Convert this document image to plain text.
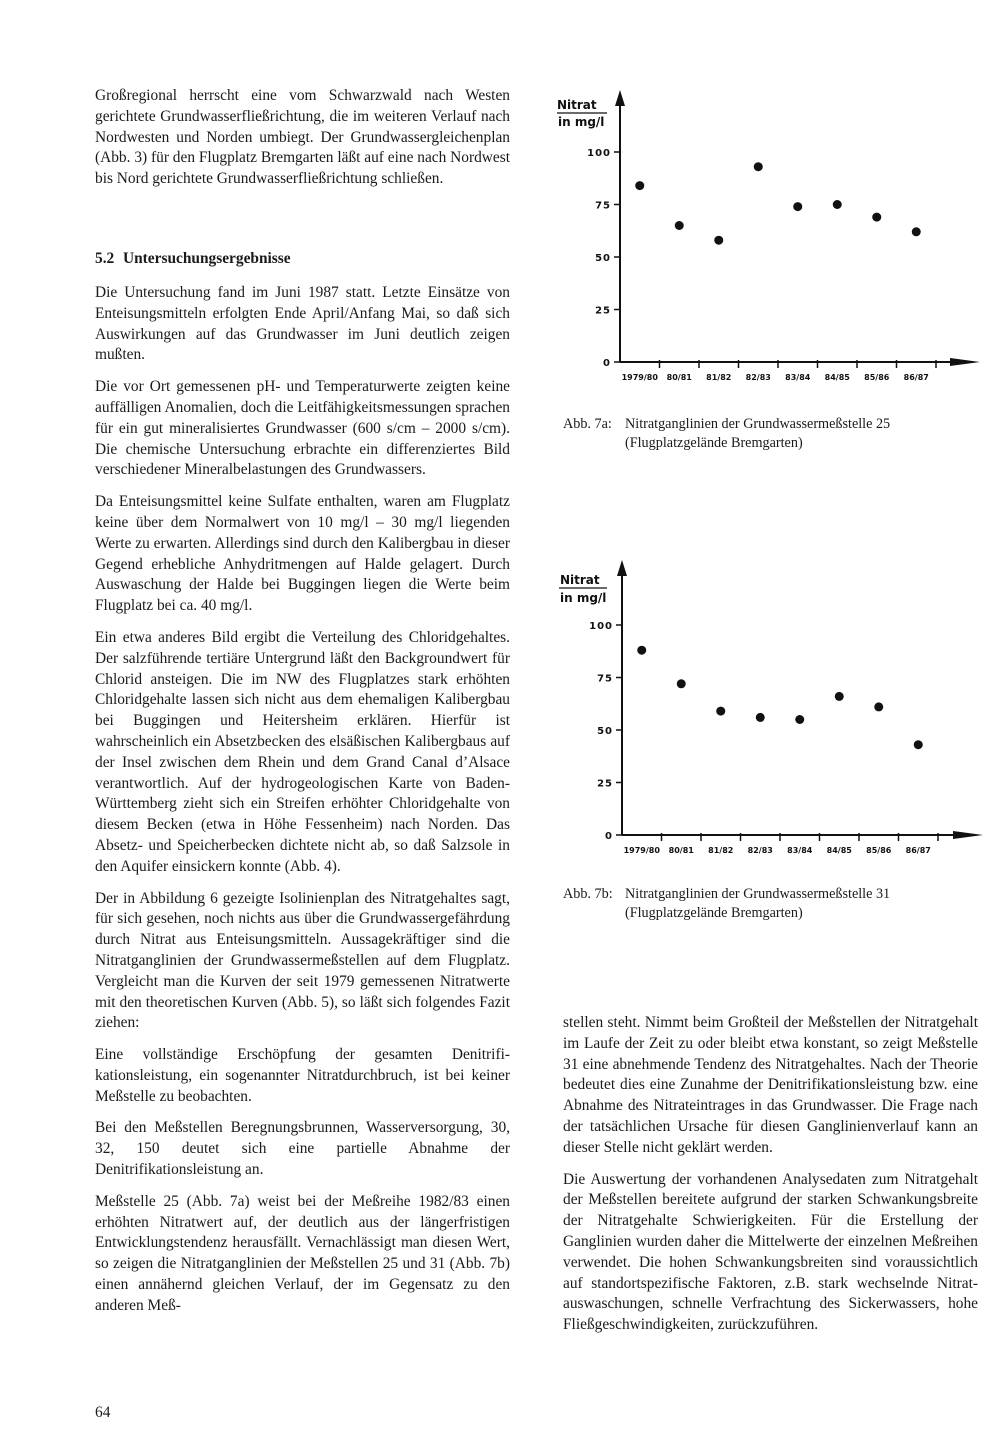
Großregional herrscht eine vom Schwarzwald nach Westen gerichtete Grundwasserfließrichtung, die im weiteren Verlauf nach Nordwesten und Norden umbiegt. Der Grundwassergleichenplan (Abb. 3) für den Flugplatz Bremgarten läßt auf eine nach Nordwest bis Nord gerichtete Grundwasserfließrichtung schließen.

5.2 Untersuchungsergebnisse

Die Untersuchung fand im Juni 1987 statt. Letzte Einsätze von Enteisungsmitteln erfolgten Ende April/Anfang Mai, so daß sich Auswirkungen auf das Grundwasser im Juni deutlich zeigen mußten.

Die vor Ort gemessenen pH- und Temperaturwerte zeigten keine auffälligen Anomalien, doch die Leitfähigkeitsmessungen sprachen für ein gut mineralisiertes Grundwasser (600 s/cm – 2000 s/cm). Die chemische Untersuchung erbrachte ein differenziertes Bild verschiedener Mineralbelastungen des Grundwassers.

Da Enteisungsmittel keine Sulfate enthalten, waren am Flugplatz keine über dem Normalwert von 10 mg/l – 30 mg/l liegenden Werte zu erwarten. Allerdings sind durch den Kalibergbau in dieser Gegend erhebliche Anhydritmengen auf Halde gelagert. Durch Auswaschung der Halde bei Buggingen liegen die Werte beim Flugplatz bei ca. 40 mg/l.

Ein etwa anderes Bild ergibt die Verteilung des Chloridgehaltes. Der salzführende tertiäre Untergrund läßt den Backgroundwert für Chlorid ansteigen. Die im NW des Flugplatzes stark erhöhten Chloridgehalte lassen sich nicht aus dem ehemaligen Kalibergbau bei Buggingen und Heitersheim erklären. Hierfür ist wahrscheinlich ein Absetzbecken des elsäßischen Kalibergbaus auf der Insel zwischen dem Rhein und dem Grand Canal d’Alsace verantwortlich. Auf der hydrogeologischen Karte von Baden-Württemberg zieht sich ein Streifen erhöhter Chloridgehalte von diesem Becken (etwa in Höhe Fessenheim) nach Norden. Das Absetz- und Speicherbecken dichtete nicht ab, so daß Salzsole in den Aquifer einsickern konnte (Abb. 4).

Der in Abbildung 6 gezeigte Isolinienplan des Nitratgehaltes sagt, für sich gesehen, noch nichts aus über die Grundwassergefährdung durch Nitrat aus Enteisungsmitteln. Aussagekräftiger sind die Nitratganglinien der Grundwassermeßstellen auf dem Flugplatz. Vergleicht man die Kurven der seit 1979 gemessenen Nitratwerte mit den theoretischen Kurven (Abb. 5), so läßt sich folgendes Fazit ziehen:

Eine vollständige Erschöpfung der gesamten Denitrifikationsleistung, ein sogenannter Nitratdurchbruch, ist bei keiner Meßstelle zu beobachten.

Bei den Meßstellen Beregnungsbrunnen, Wasserversorgung, 30, 32, 150 deutet sich eine partielle Abnahme der Denitrifikationsleistung an.

Meßstelle 25 (Abb. 7a) weist bei der Meßreihe 1982/83 einen erhöhten Nitratwert auf, der deutlich aus der längerfristigen Entwicklungstendenz herausfällt. Vernachlässigt man diesen Wert, so zeigen die Nitratganglinien der Meßstellen 25 und 31 (Abb. 7b) einen annähernd gleichen Verlauf, der im Gegensatz zu den anderen Meß-

64
Nitrat
in mg/l
0
25
50
75
100
1979/80 80/81 81/82 82/83 83/84 84/85 85/86 86/87
Abb. 7a: Nitratganglinien der Grundwassermeßstelle 25
(Flugplatzgelände Bremgarten)
Nitrat
in mg/l
0
25
50
75
100
1979/80 80/81 81/82 82/83 83/84 84/85 85/86 86/87
Abb. 7b: Nitratganglinien der Grundwassermeßstelle 31
(Flugplatzgelände Bremgarten)

stellen steht. Nimmt beim Großteil der Meßstellen der Nitratgehalt im Laufe der Zeit zu oder bleibt etwa konstant, so zeigt Meßstelle 31 eine abnehmende Tendenz des Nitratgehaltes. Nach der Theorie bedeutet dies eine Zunahme der Denitrifikationsleistung bzw. eine Abnahme des Nitrateintrages in das Grundwasser. Die Frage nach der tatsächlichen Ursache für diesen Ganglinienverlauf kann an dieser Stelle nicht geklärt werden.

Die Auswertung der vorhandenen Analysedaten zum Nitratgehalt der Meßstellen bereitete aufgrund der starken Schwankungsbreite der Nitratgehalte Schwierigkeiten. Für die Erstellung der Ganglinien wurden daher die Mittelwerte der einzelnen Meßreihen verwendet. Die hohen Schwankungsbreiten sind voraussichtlich auf standortspezifische Faktoren, z.B. stark wechselnde Nitratauswaschungen, schnelle Verfrachtung des Sickerwassers, hohe Fließgeschwindigkeiten, zurückzuführen.
